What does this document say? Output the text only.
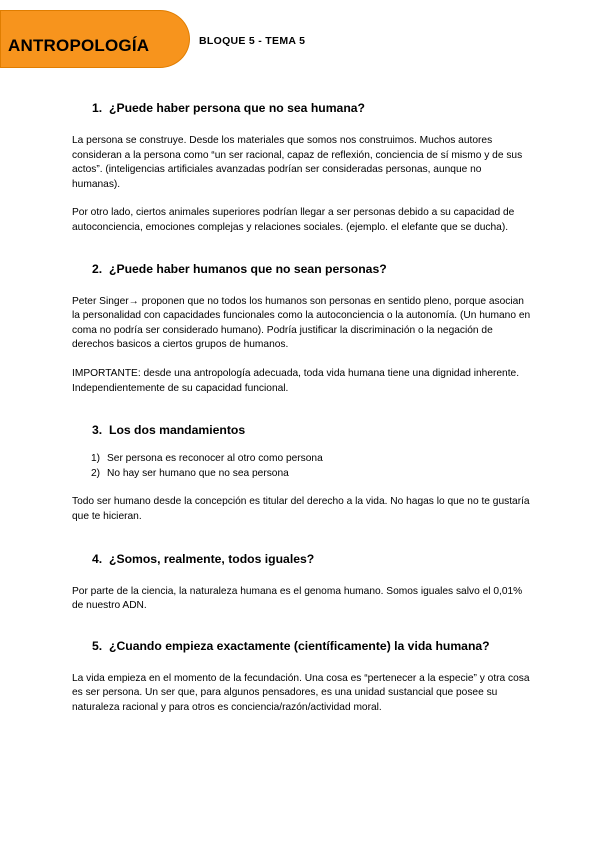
ANTROPOLOGÍA	BLOQUE 5 - TEMA 5
1. ¿Puede haber persona que no sea humana?

La persona se construye. Desde los materiales que somos nos construimos. Muchos autores consideran a la persona como “un ser racional, capaz de reflexión, conciencia de sí mismo y de sus actos”. (inteligencias artificiales avanzadas podrían ser consideradas personas, aunque no humanas).

Por otro lado, ciertos animales superiores podrían llegar a ser personas debido a su capacidad de autoconciencia, emociones complejas y relaciones sociales. (ejemplo. el elefante que se ducha).

2. ¿Puede haber humanos que no sean personas?

Peter Singer→ proponen que no todos los humanos son personas en sentido pleno, porque asocian la personalidad con capacidades funcionales como la autoconciencia o la autonomía. (Un humano en coma no podría ser considerado humano). Podría justificar la discriminación o la negación de derechos basicos a ciertos grupos de humanos.

IMPORTANTE: desde una antropología adecuada, toda vida humana tiene una dignidad inherente. Independientemente de su capacidad funcional.

3. Los dos mandamientos
1) Ser persona es reconocer al otro como persona
2) No hay ser humano que no sea persona

Todo ser humano desde la concepción es titular del derecho a la vida. No hagas lo que no te gustaría que te hicieran.

4. ¿Somos, realmente, todos iguales?

Por parte de la ciencia, la naturaleza humana es el genoma humano. Somos iguales salvo el 0,01% de nuestro ADN.

5. ¿Cuando empieza exactamente (científicamente) la vida humana?

La vida empieza en el momento de la fecundación. Una cosa es “pertenecer a la especie” y otra cosa es ser persona. Un ser que, para algunos pensadores, es una unidad sustancial que posee su naturaleza racional y para otros es conciencia/razón/actividad moral.
